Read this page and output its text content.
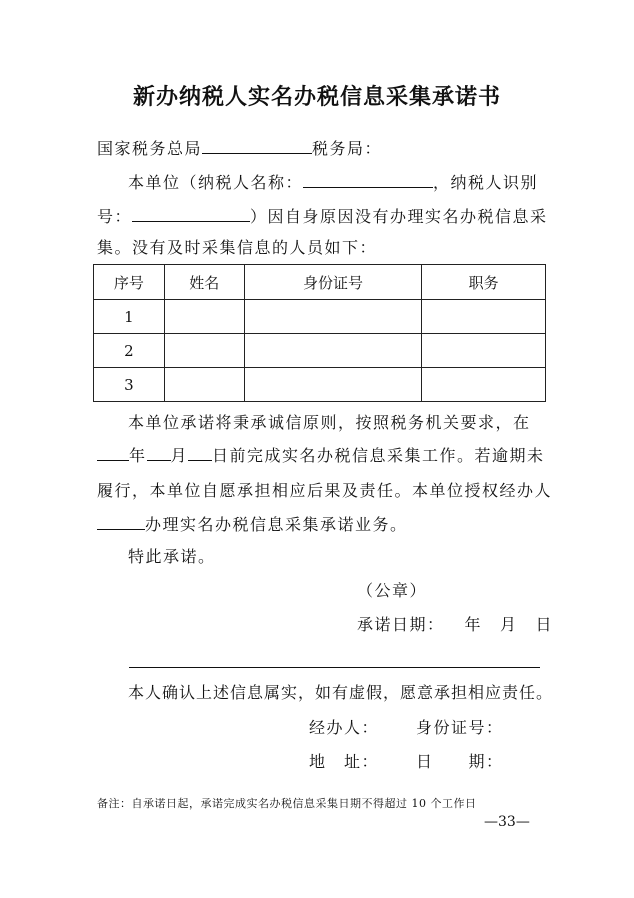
新办纳税人实名办税信息采集承诺书
国家税务总局	税务局：
本单位（纳税人名称：	，纳税人识别
号：	）因自身原因没有办理实名办税信息采
集。没有及时采集信息的人员如下：
序号	姓名	身份证号	职务
1			
2			
3			
本单位承诺将秉承诚信原则，按照税务机关要求，在
年 月 日前完成实名办税信息采集工作。若逾期未
履行，本单位自愿承担相应后果及责任。本单位授权经办人
办理实名办税信息采集承诺业务。
特此承诺。
（公章）
承诺日期： 年 月 日
本人确认上述信息属实，如有虚假，愿意承担相应责任。
经办人： 身份证号：
地　址： 日　　期：
备注：自承诺日起，承诺完成实名办税信息采集日期不得超过 10 个工作日
—33—
